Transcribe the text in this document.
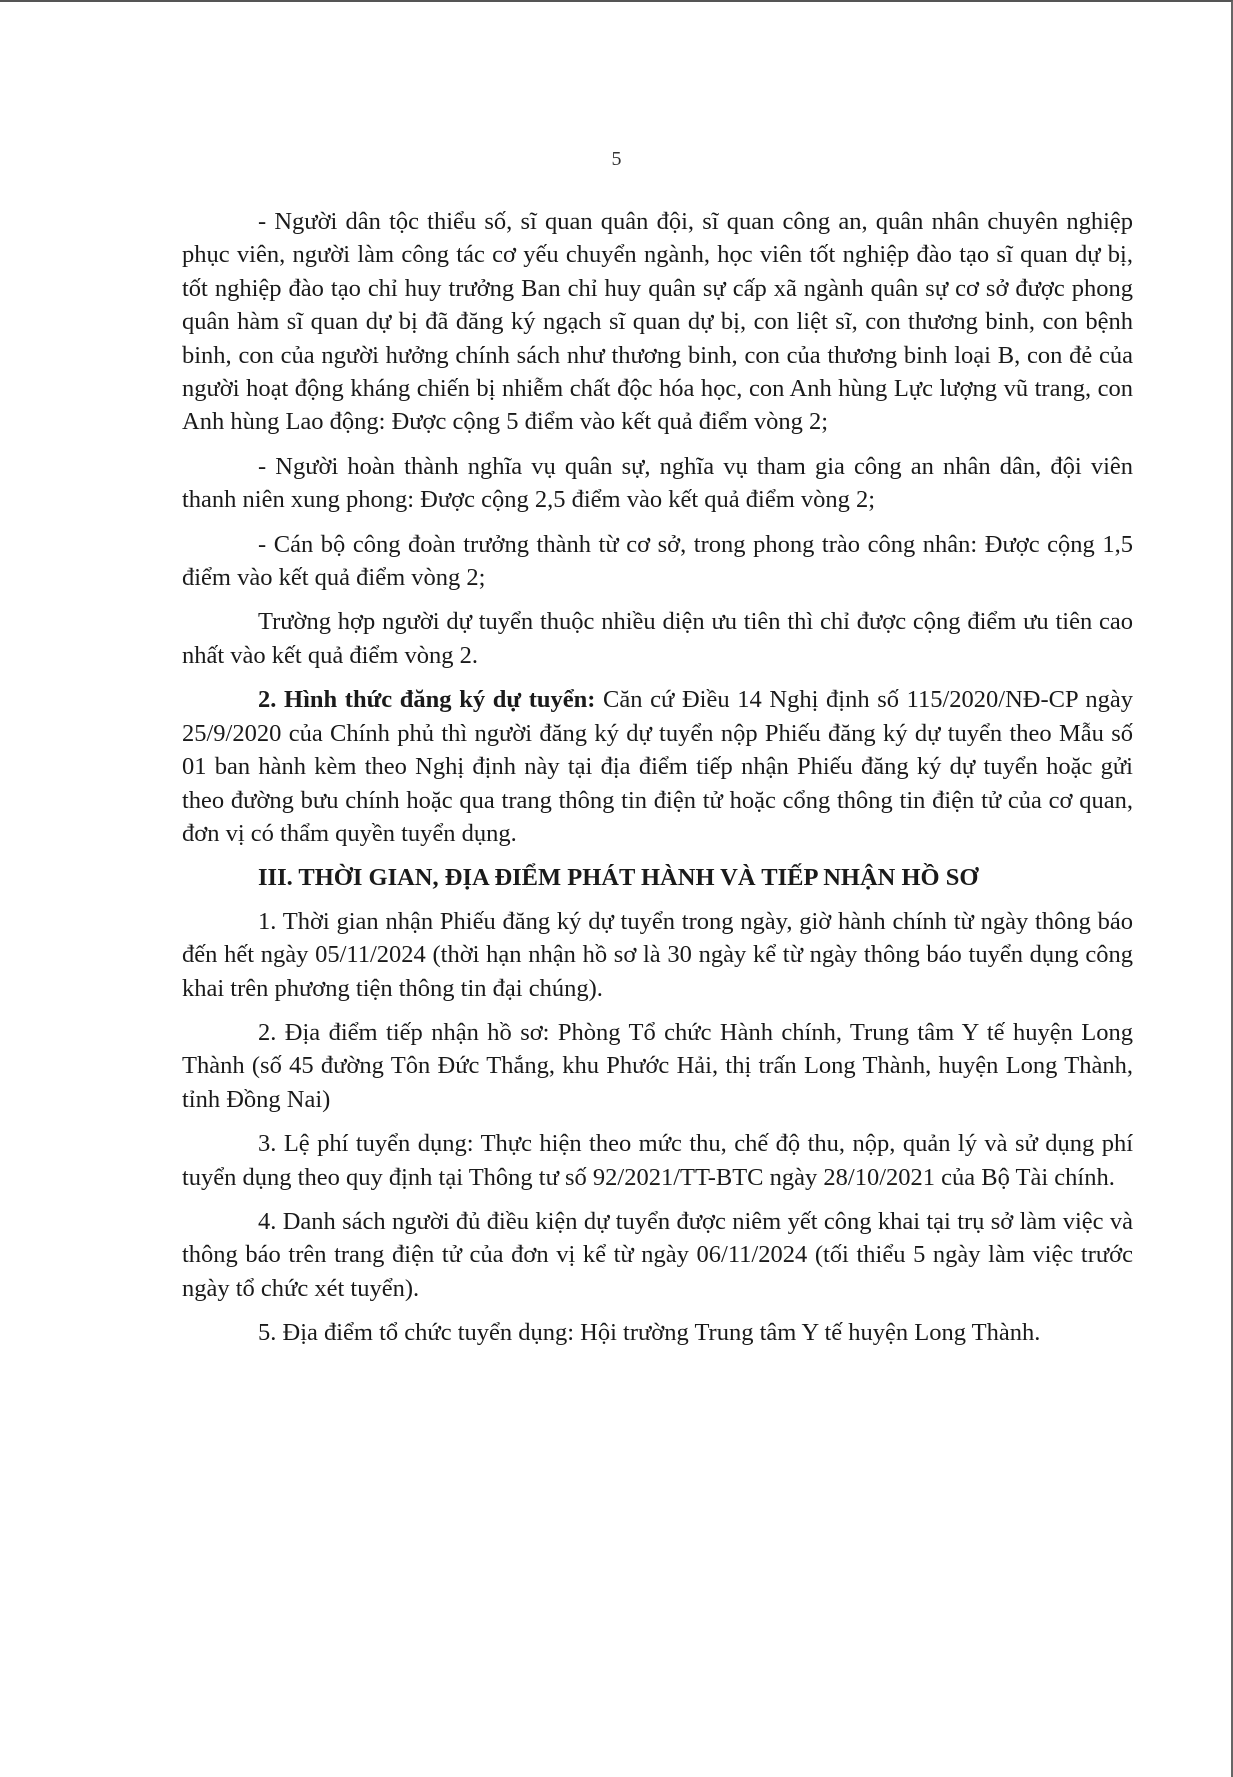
5

- Người dân tộc thiểu số, sĩ quan quân đội, sĩ quan công an, quân nhân chuyên nghiệp phục viên, người làm công tác cơ yếu chuyển ngành, học viên tốt nghiệp đào tạo sĩ quan dự bị, tốt nghiệp đào tạo chỉ huy trưởng Ban chỉ huy quân sự cấp xã ngành quân sự cơ sở được phong quân hàm sĩ quan dự bị đã đăng ký ngạch sĩ quan dự bị, con liệt sĩ, con thương binh, con bệnh binh, con của người hưởng chính sách như thương binh, con của thương binh loại B, con đẻ của người hoạt động kháng chiến bị nhiễm chất độc hóa học, con Anh hùng Lực lượng vũ trang, con Anh hùng Lao động: Được cộng 5 điểm vào kết quả điểm vòng 2;

- Người hoàn thành nghĩa vụ quân sự, nghĩa vụ tham gia công an nhân dân, đội viên thanh niên xung phong: Được cộng 2,5 điểm vào kết quả điểm vòng 2;

- Cán bộ công đoàn trưởng thành từ cơ sở, trong phong trào công nhân: Được cộng 1,5 điểm vào kết quả điểm vòng 2;

Trường hợp người dự tuyển thuộc nhiều diện ưu tiên thì chỉ được cộng điểm ưu tiên cao nhất vào kết quả điểm vòng 2.

2. Hình thức đăng ký dự tuyển: Căn cứ Điều 14 Nghị định số 115/2020/NĐ-CP ngày 25/9/2020 của Chính phủ thì người đăng ký dự tuyển nộp Phiếu đăng ký dự tuyển theo Mẫu số 01 ban hành kèm theo Nghị định này tại địa điểm tiếp nhận Phiếu đăng ký dự tuyển hoặc gửi theo đường bưu chính hoặc qua trang thông tin điện tử hoặc cổng thông tin điện tử của cơ quan, đơn vị có thẩm quyền tuyển dụng.

III. THỜI GIAN, ĐỊA ĐIỂM PHÁT HÀNH VÀ TIẾP NHẬN HỒ SƠ

1. Thời gian nhận Phiếu đăng ký dự tuyển trong ngày, giờ hành chính từ ngày thông báo đến hết ngày 05/11/2024 (thời hạn nhận hồ sơ là 30 ngày kể từ ngày thông báo tuyển dụng công khai trên phương tiện thông tin đại chúng).

2. Địa điểm tiếp nhận hồ sơ: Phòng Tổ chức Hành chính, Trung tâm Y tế huyện Long Thành (số 45 đường Tôn Đức Thắng, khu Phước Hải, thị trấn Long Thành, huyện Long Thành, tỉnh Đồng Nai)

3. Lệ phí tuyển dụng: Thực hiện theo mức thu, chế độ thu, nộp, quản lý và sử dụng phí tuyển dụng theo quy định tại Thông tư số 92/2021/TT-BTC ngày 28/10/2021 của Bộ Tài chính.

4. Danh sách người đủ điều kiện dự tuyển được niêm yết công khai tại trụ sở làm việc và thông báo trên trang điện tử của đơn vị kể từ ngày 06/11/2024 (tối thiểu 5 ngày làm việc trước ngày tổ chức xét tuyển).

5. Địa điểm tổ chức tuyển dụng: Hội trường Trung tâm Y tế huyện Long Thành.
